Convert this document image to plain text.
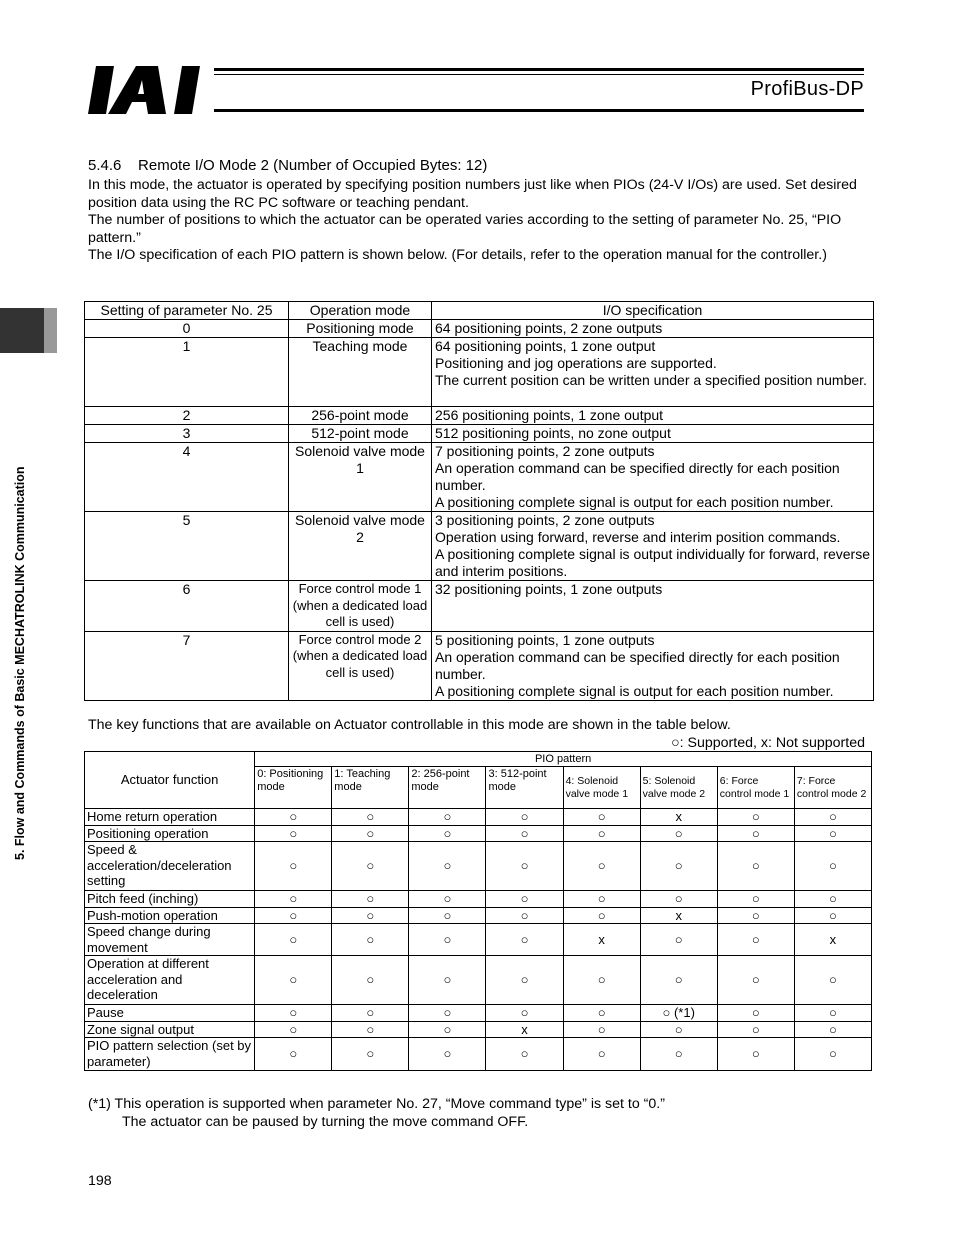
ProfiBus-DP
5. Flow and Commands of Basic MECHATROLINK Communication
5.4.6    Remote I/O Mode 2 (Number of Occupied Bytes: 12)

In this mode, the actuator is operated by specifying position numbers just like when PIOs (24-V I/Os) are used. Set desired position data using the RC PC software or teaching pendant.

The number of positions to which the actuator can be operated varies according to the setting of parameter No. 25, “PIO pattern.”

The I/O specification of each PIO pattern is shown below. (For details, refer to the operation manual for the controller.)

Setting of parameter No. 25	Operation mode	I/O specification
0	Positioning mode	64 positioning points, 2 zone outputs

1	Teaching mode	64 positioning points, 1 zone output

Positioning and jog operations are supported.

The current position can be written under a specified position number.

2	256-point mode	256 positioning points, 1 zone output

3	512-point mode	512 positioning points, no zone output

4	Solenoid valve mode 1	7 positioning points, 2 zone outputs

An operation command can be specified directly for each position number.

A positioning complete signal is output for each position number.

5	Solenoid valve mode 2	3 positioning points, 2 zone outputs

Operation using forward, reverse and interim position commands.

A positioning complete signal is output individually for forward, reverse and interim positions.

6	Force control mode 1 (when a dedicated load cell is used)	32 positioning points, 1 zone outputs

7	Force control mode 2 (when a dedicated load cell is used)	5 positioning points, 1 zone outputs

An operation command can be specified directly for each position number.

A positioning complete signal is output for each position number.

The key functions that are available on Actuator controllable in this mode are shown in the table below.
○: Supported, x: Not supported
Actuator function	PIO pattern							
	0: Positioning mode	1: Teaching mode	2: 256-point mode	3: 512-point mode	4: Solenoid valve mode 1	5: Solenoid valve mode 2	6: Force control mode 1	7: Force control mode 2
Home return operation	○	○	○	○	○	x	○	○
Positioning operation	○	○	○	○	○	○	○	○
Speed & acceleration/deceleration setting	○	○	○	○	○	○	○	○
Pitch feed (inching)	○	○	○	○	○	○	○	○
Push-motion operation	○	○	○	○	○	x	○	○
Speed change during movement	○	○	○	○	x	○	○	x
Operation at different acceleration and deceleration	○	○	○	○	○	○	○	○
Pause	○	○	○	○	○	○ (*1)	○	○
Zone signal output	○	○	○	x	○	○	○	○
PIO pattern selection (set by parameter)	○	○	○	○	○	○	○	○

(*1) This operation is supported when parameter No. 27, “Move command type” is set to “0.”

The actuator can be paused by turning the move command OFF.

198
